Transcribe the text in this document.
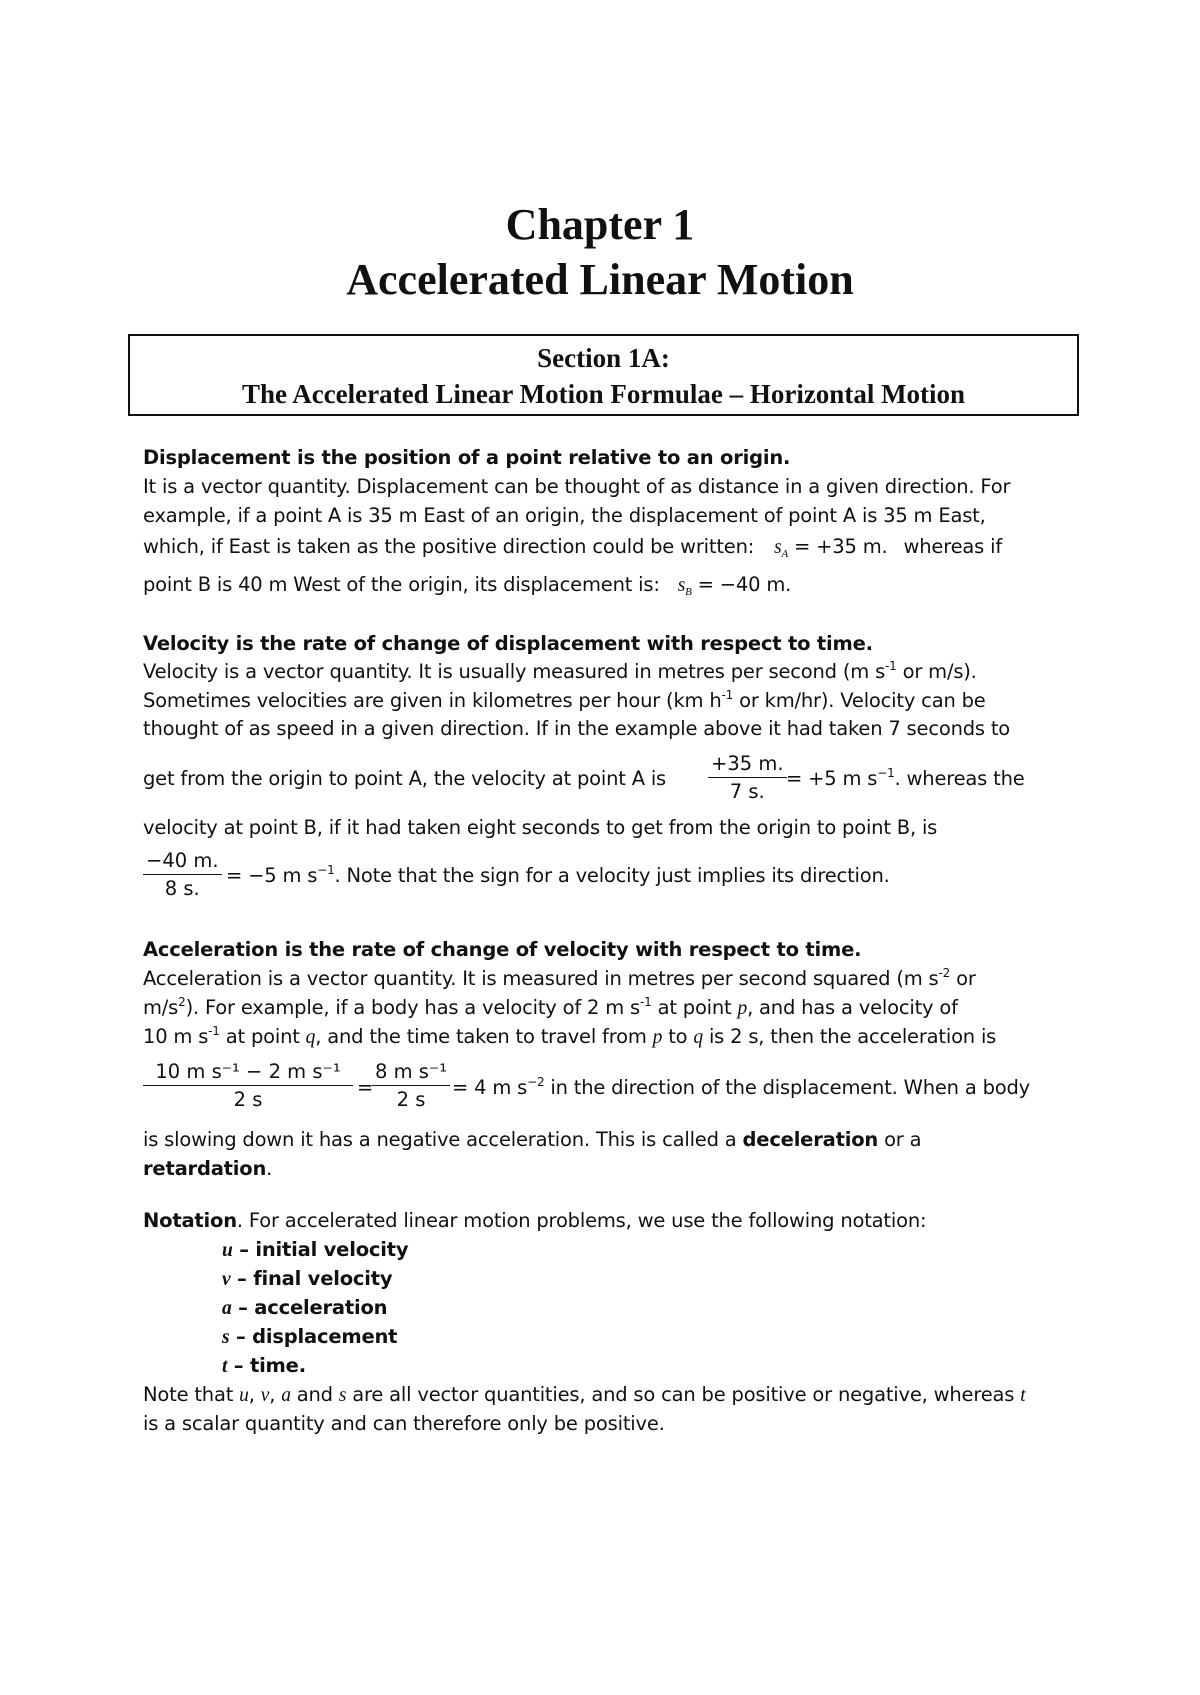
Chapter 1
Accelerated Linear Motion
Section 1A:
The Accelerated Linear Motion Formulae – Horizontal Motion
Displacement is the position of a point relative to an origin.
It is a vector quantity. Displacement can be thought of as distance in a given direction. For
example, if a point A is 35 m East of an origin, the displacement of point A is 35 m East,
which, if East is taken as the positive direction could be written: $s_A = +35$ m. whereas if
point B is 40 m West of the origin, its displacement is: $s_B = -40$ m.
Velocity is the rate of change of displacement with respect to time.
Velocity is a vector quantity. It is usually measured in metres per second (m $s^{-1}$ or m/s).
Sometimes velocities are given in kilometres per hour (km $h^{-1}$ or km/hr). Velocity can be
thought of as speed in a given direction. If in the example above it had taken 7 seconds to
get from the origin to point A, the velocity at point A is $\frac{+35 m.}{7 s.} = +5$ m $s^{-1}$. whereas the
velocity at point B, if it had taken eight seconds to get from the origin to point B, is
$\frac{-40 m.}{8 s.} = -5$ m $s^{-1}$. Note that the sign for a velocity just implies its direction.
Acceleration is the rate of change of velocity with respect to time.
Acceleration is a vector quantity. It is measured in metres per second squared (m $s^{-2}$ or
$m/s^2$). For example, if a body has a velocity of 2 m $s^{-1}$ at point p, and has a velocity of
10 m $s^{-1}$ at point q, and the time taken to travel from p to q is 2 s, then the acceleration is
$\frac{\text{10 m s⁻¹ − 2 m s⁻¹}}{2 s}$ =
$\frac{\text{8 m s⁻¹}}{2 s} = 4$ m $s^{-2}$ in the direction of the displacement. When a body
is slowing down it has a negative acceleration. This is called a deceleration or a
retardation.
Notation. For accelerated linear motion problems, we use the following notation:
u – initial velocity
v – final velocity
a – acceleration
s – displacement
t – time.
Note that u, v, a and s are all vector quantities, and so can be positive or negative, whereas t
is a scalar quantity and can therefore only be positive.
